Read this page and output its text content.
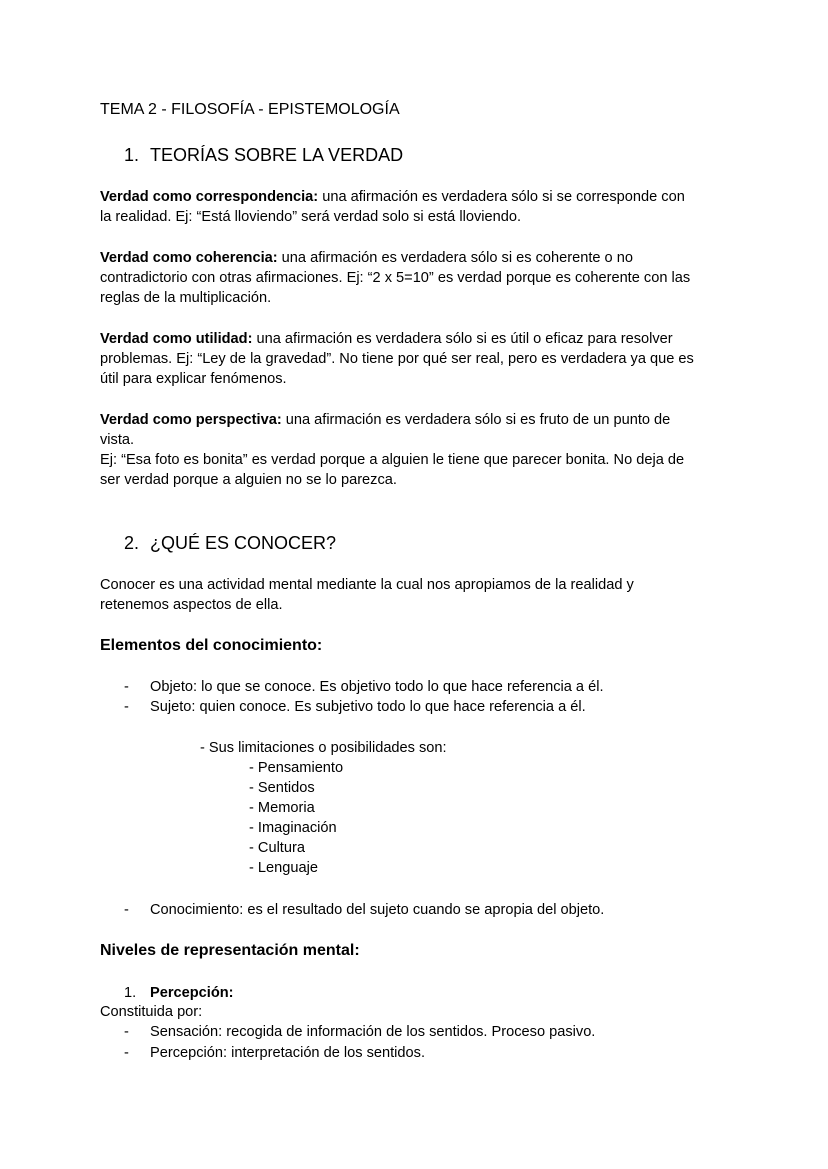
TEMA 2 - FILOSOFÍA - EPISTEMOLOGÍA
1. TEORÍAS SOBRE LA VERDAD
Verdad como correspondencia: una afirmación es verdadera sólo si se corresponde con
la realidad. Ej: “Está lloviendo” será verdad solo si está lloviendo.
Verdad como coherencia: una afirmación es verdadera sólo si es coherente o no
contradictorio con otras afirmaciones. Ej: “2 x 5=10” es verdad porque es coherente con las
reglas de la multiplicación.
Verdad como utilidad: una afirmación es verdadera sólo si es útil o eficaz para resolver
problemas. Ej: “Ley de la gravedad”. No tiene por qué ser real, pero es verdadera ya que es
útil para explicar fenómenos.
Verdad como perspectiva: una afirmación es verdadera sólo si es fruto de un punto de
vista.
Ej: “Esa foto es bonita” es verdad porque a alguien le tiene que parecer bonita. No deja de
ser verdad porque a alguien no se lo parezca.
2. ¿QUÉ ES CONOCER?
Conocer es una actividad mental mediante la cual nos apropiamos de la realidad y
retenemos aspectos de ella.
Elementos del conocimiento:
- Objeto: lo que se conoce. Es objetivo todo lo que hace referencia a él.
- Sujeto: quien conoce. Es subjetivo todo lo que hace referencia a él.
- Sus limitaciones o posibilidades son:
- Pensamiento
- Sentidos
- Memoria
- Imaginación
- Cultura
- Lenguaje
- Conocimiento: es el resultado del sujeto cuando se apropia del objeto.
Niveles de representación mental:
1. Percepción:
Constituida por:
- Sensación: recogida de información de los sentidos. Proceso pasivo.
- Percepción: interpretación de los sentidos.
